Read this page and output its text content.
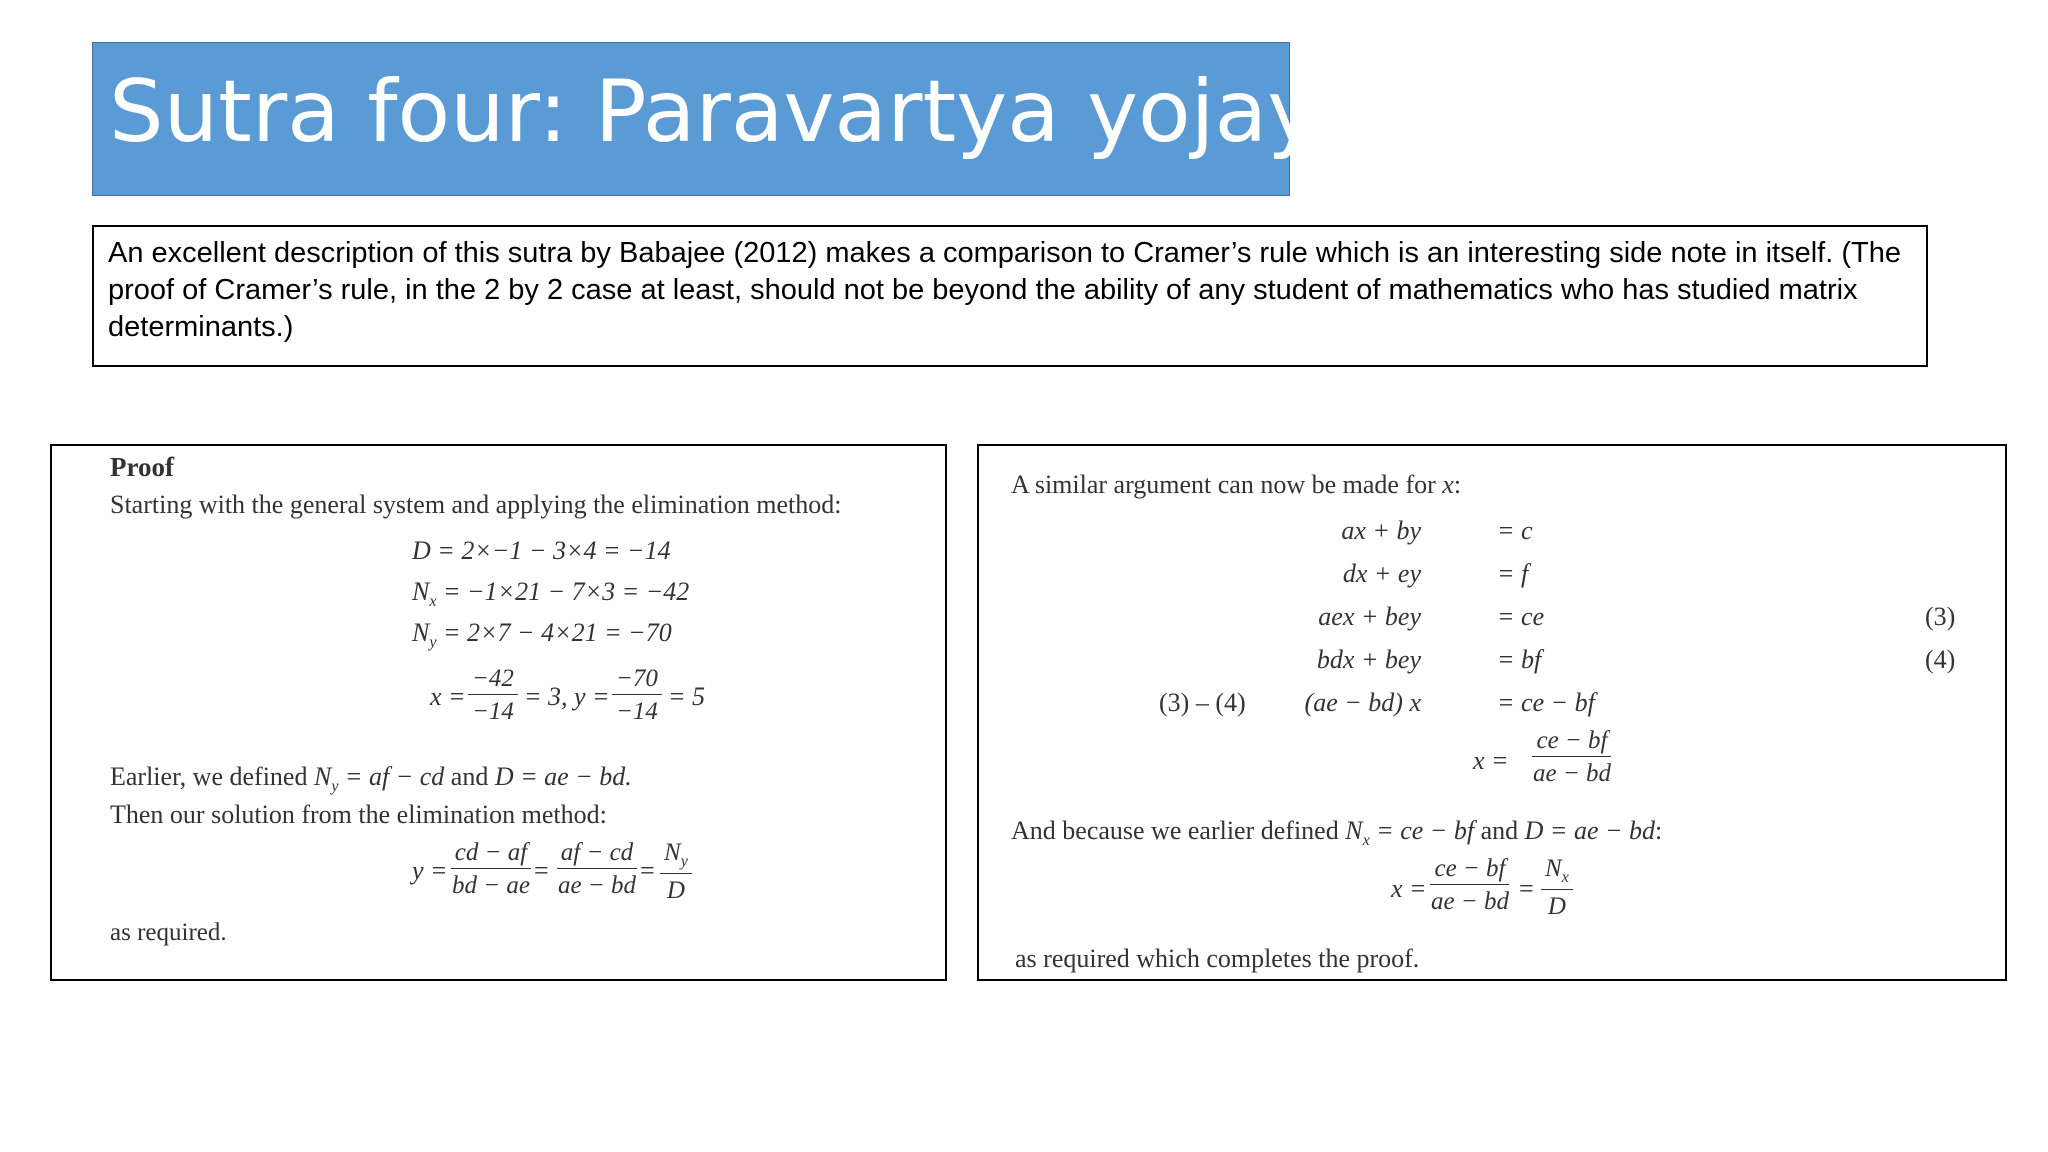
Sutra four: Paravartya yojayet
An excellent description of this sutra by Babajee (2012) makes a comparison to Cramer’s rule which is an interesting side note in itself. (The proof of Cramer’s rule, in the 2 by 2 case at least, should not be beyond the ability of any student of mathematics who has studied matrix determinants.)
Proof
Starting with the general system and applying the elimination method:
D = 2×−1 − 3×4 = −14
$N_x = -1\times 21 - 7\times 3 = -42$
$N_y = 2\times 7 - 4\times 21 = -70$
$x = \frac{-42}{-14} = 3$, $y = \frac{-70}{-14} = 5$
Earlier, we defined $N_y$ = af − cd and D = ae − bd.
Then our solution from the elimination method:
$y = \frac{cd - af}{bd - ae} = \frac{af - cd}{ae - bd} = \frac{N_y}{D}$
as required.
A similar argument can now be made for x:
ax + by	= c
dx + ey	= f
aex + bey	= ce	(3)
bdx + bey	= bf	(4)
(3) – (4) (ae − bd) x	= ce − bf
$x = \frac{ce - bf}{ae - bd}$
And because we earlier defined $N_x$ = ce − bf and D = ae − bd:
$x = \frac{ce - bf}{ae - bd} = \frac{N_x}{D}$
as required which completes the proof.
